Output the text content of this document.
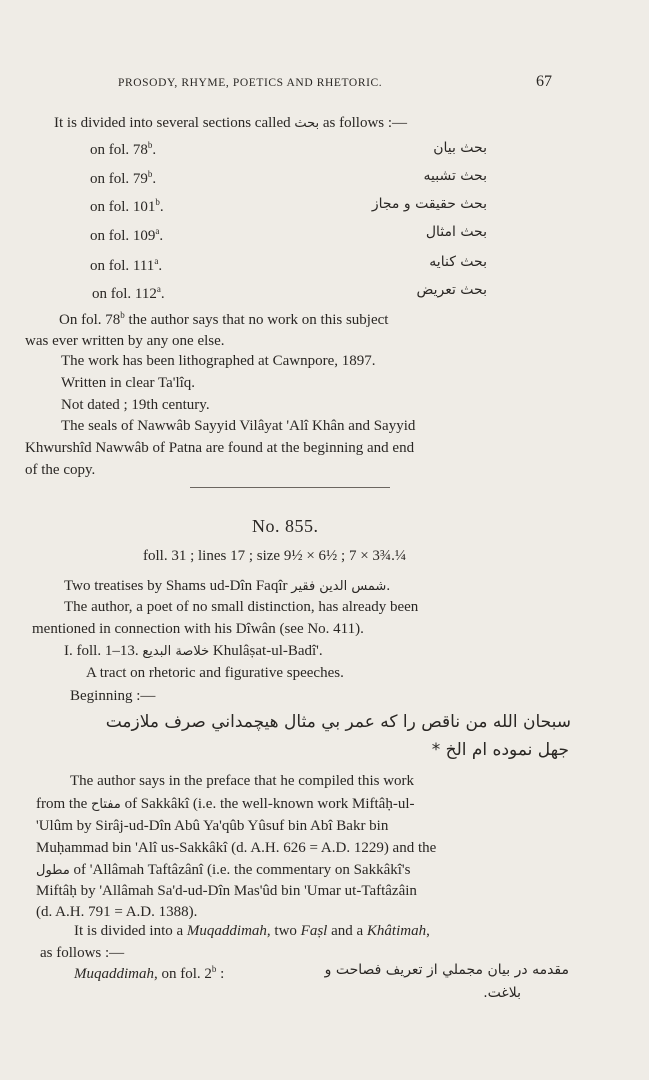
PROSODY, RHYME, POETICS AND RHETORIC.	67
It is divided into several sections called بحث as follows :—
on fol. 78$^b$.	بحث بيان
on fol. 79$^b$.	بحث تشبيه
on fol. 101$^b$.	بحث حقيقت و مجاز
on fol. 109$^a$.	بحث امثال
on fol. 111$^a$.	بحث كنايه
on fol. 112$^a$.	بحث تعريض
On fol. 78$^b$ the author says that no work on this subject
was ever written by any one else.
The work has been lithographed at Cawnpore, 1897.
Written in clear Ta'lîq.
Not dated ; 19th century.
The seals of Nawwâb Sayyid Vilâyat 'Alî Khân and Sayyid
Khwurshîd Nawwâb of Patna are found at the beginning and end
of the copy.
No. 855.
foll. 31 ; lines 17 ; size 9½ × 6½ ; 7 × 3¾.¼
Two treatises by Shams ud-Dîn Faqîr شمس الدين فقير.
The author, a poet of no small distinction, has already been
mentioned in connection with his Dîwân (see No. 411).
I. foll. 1–13. خلاصة البديع Khulâṣat-ul-Badî'.
A tract on rhetoric and figurative speeches.
Beginning :—
سبحان الله من ناقص را كه عمر بي مثال هيچمداني صرف ملازمت
جهل نموده ام الخ *
The author says in the preface that he compiled this work
from the مفتاح of Sakkâkî (i.e. the well-known work Miftâḥ-ul-
'Ulûm by Sirâj-ud-Dîn Abû Ya'qûb Yûsuf bin Abî Bakr bin
Muḥammad bin 'Alî us-Sakkâkî (d. A.H. 626 = A.D. 1229) and the
مطول of 'Allâmah Taftâzânî (i.e. the commentary on Sakkâkî's
Miftâḥ by 'Allâmah Sa'd-ud-Dîn Mas'ûd bin 'Umar ut-Taftâzâin
(d. A.H. 791 = A.D. 1388).
It is divided into a Muqaddimah, two Faṣl and a Khâtimah,
as follows :—
Muqaddimah, on fol. 2$^b$ :	مقدمه در بيان مجملي از تعريف فصاحت و
بلاغت.
